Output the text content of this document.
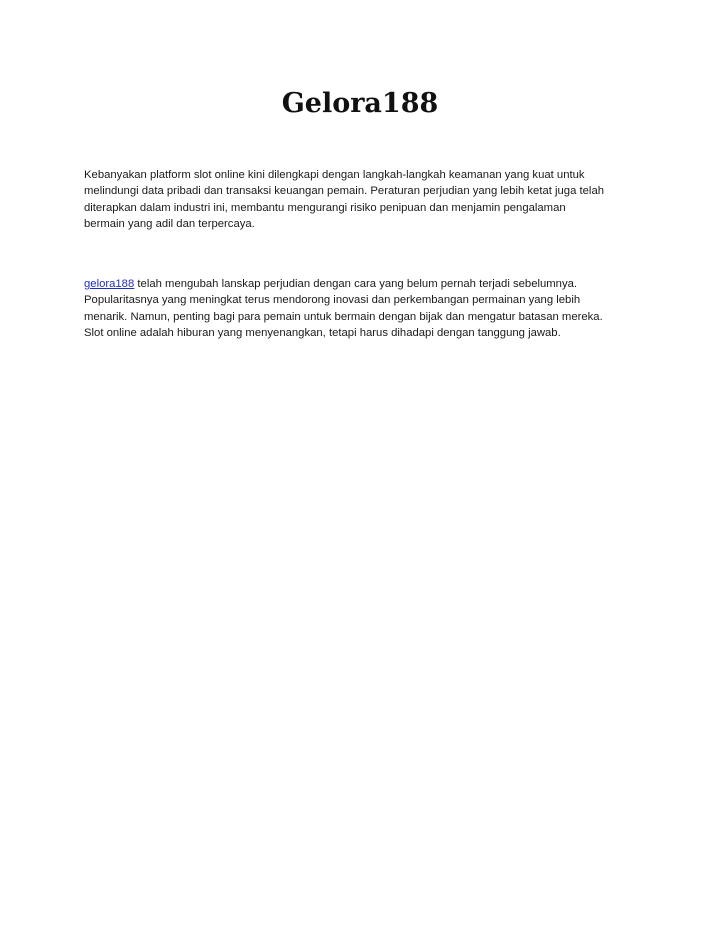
Gelora188

Kebanyakan platform slot online kini dilengkapi dengan langkah-langkah keamanan yang kuat untuk
melindungi data pribadi dan transaksi keuangan pemain. Peraturan perjudian yang lebih ketat juga telah
diterapkan dalam industri ini, membantu mengurangi risiko penipuan dan menjamin pengalaman
bermain yang adil dan terpercaya.

gelora188 telah mengubah lanskap perjudian dengan cara yang belum pernah terjadi sebelumnya.
Popularitasnya yang meningkat terus mendorong inovasi dan perkembangan permainan yang lebih
menarik. Namun, penting bagi para pemain untuk bermain dengan bijak dan mengatur batasan mereka.
Slot online adalah hiburan yang menyenangkan, tetapi harus dihadapi dengan tanggung jawab.
